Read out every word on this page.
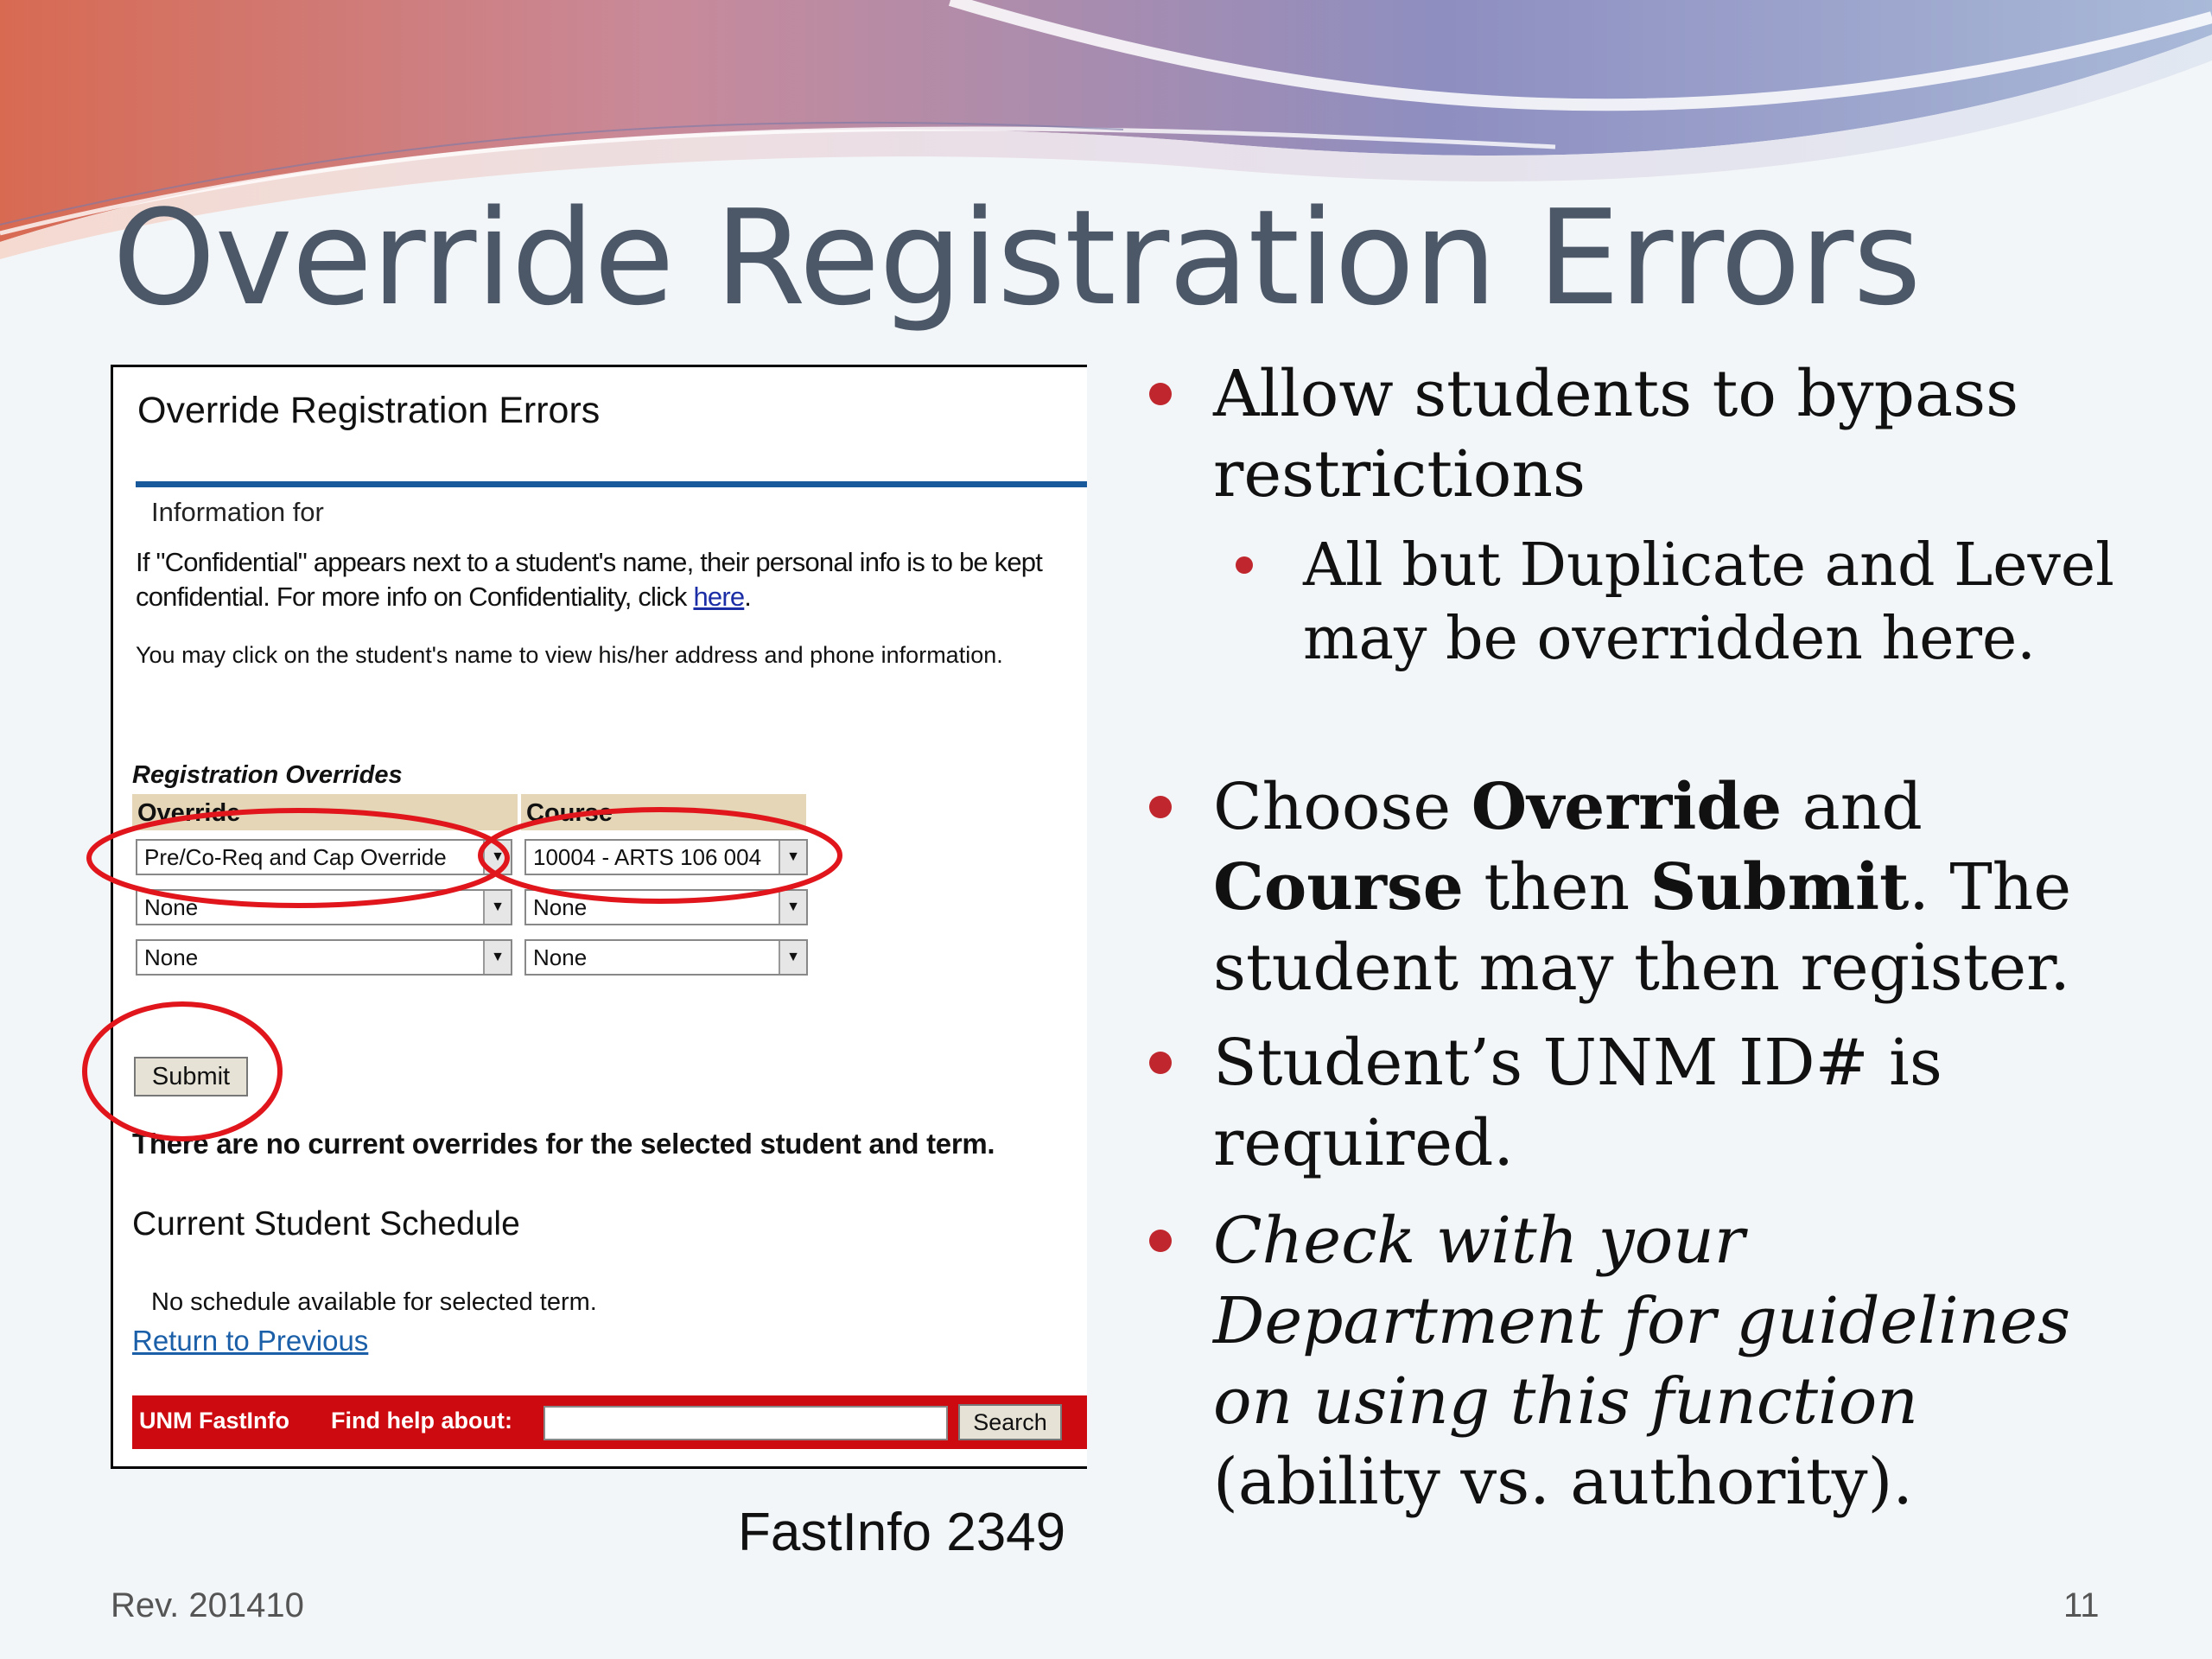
Override Registration Errors
Override Registration Errors
Information for
If "Confidential" appears next to a student's name, their personal info is to be kept confidential. For more info on Confidentiality, click here.
You may click on the student's name to view his/her address and phone information.
Registration Overrides
Override	Course
Pre/Co-Req and Cap Override	▼	10004 - ARTS 106 004	▼
None	▼	None	▼
None	▼	None	▼
Submit
There are no current overrides for the selected student and term.
Current Student Schedule
No schedule available for selected term.
Return to Previous
UNM FastInfo Find help about:	Search
FastInfo 2349
Allow students to bypass restrictions
All but Duplicate and Level may be overridden here.
Choose Override and Course then Submit. The student may then register.
Student’s UNM ID# is required.
Check with your Department for guidelines on using this function (ability vs. authority).
Rev. 201410	11
